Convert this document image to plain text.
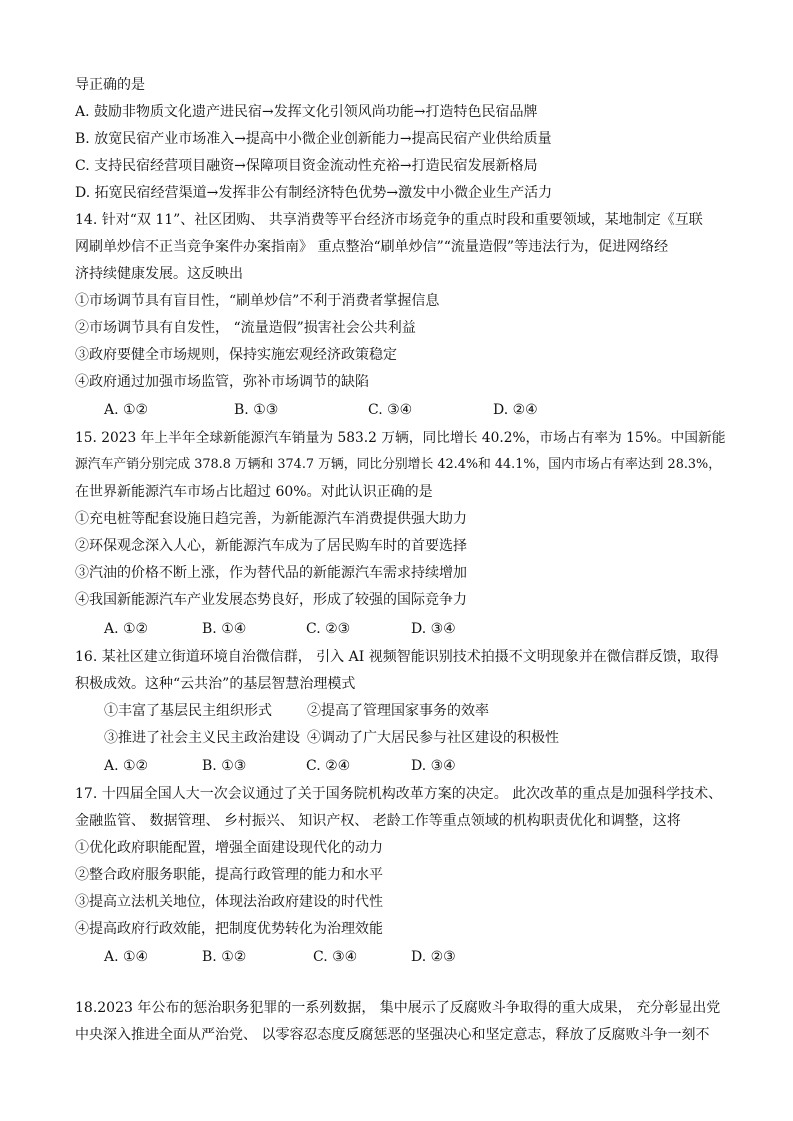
导正确的是
A. 鼓励非物质文化遗产进民宿→发挥文化引领风尚功能→打造特色民宿品牌
B. 放宽民宿产业市场准入→提高中小微企业创新能力→提高民宿产业供给质量
C. 支持民宿经营项目融资→保障项目资金流动性充裕→打造民宿发展新格局
D. 拓宽民宿经营渠道→发挥非公有制经济特色优势→激发中小微企业生产活力
14. 针对“双 11”、社区团购、 共享消费等平台经济市场竞争的重点时段和重要领域，某地制定《互联
网刷单炒信不正当竞争案件办案指南》 重点整治“刷单炒信”“流量造假”等违法行为，促进网络经
济持续健康发展。这反映出
①市场调节具有盲目性，“刷单炒信”不利于消费者掌握信息
②市场调节具有自发性， “流量造假”损害社会公共利益
③政府要健全市场规则，保持实施宏观经济政策稳定
④政府通过加强市场监管，弥补市场调节的缺陷
A. ①②	B. ①③	C. ③④	D. ②④
15. 2023 年上半年全球新能源汽车销量为 583.2 万辆，同比增长 40.2%，市场占有率为 15%。中国新能
源汽车产销分别完成 378.8 万辆和 374.7 万辆，同比分别增长 42.4%和 44.1%，国内市场占有率达到 28.3%，
在世界新能源汽车市场占比超过 60%。对此认识正确的是
①充电桩等配套设施日趋完善，为新能源汽车消费提供强大助力
②环保观念深入人心，新能源汽车成为了居民购车时的首要选择
③汽油的价格不断上涨，作为替代品的新能源汽车需求持续增加
④我国新能源汽车产业发展态势良好，形成了较强的国际竞争力
A. ①②	B. ①④	C. ②③	D. ③④
16. 某社区建立街道环境自治微信群， 引入 AI 视频智能识别技术拍摄不文明现象并在微信群反馈，取得
积极成效。这种“云共治”的基层智慧治理模式
①丰富了基层民主组织形式	②提高了管理国家事务的效率
③推进了社会主义民主政治建设 ④调动了广大居民参与社区建设的积极性
A. ①②	B. ①③	C. ②④	D. ③④
17. 十四届全国人大一次会议通过了关于国务院机构改革方案的决定。 此次改革的重点是加强科学技术、
金融监管、 数据管理、 乡村振兴、 知识产权、 老龄工作等重点领域的机构职责优化和调整，这将
①优化政府职能配置，增强全面建设现代化的动力
②整合政府服务职能，提高行政管理的能力和水平
③提高立法机关地位，体现法治政府建设的时代性
④提高政府行政效能，把制度优势转化为治理效能
A. ①④	B. ①②	C. ③④	D. ②③
18.2023 年公布的惩治职务犯罪的一系列数据， 集中展示了反腐败斗争取得的重大成果， 充分彰显出党
中央深入推进全面从严治党、 以零容忍态度反腐惩恶的坚强决心和坚定意志，释放了反腐败斗争一刻不
